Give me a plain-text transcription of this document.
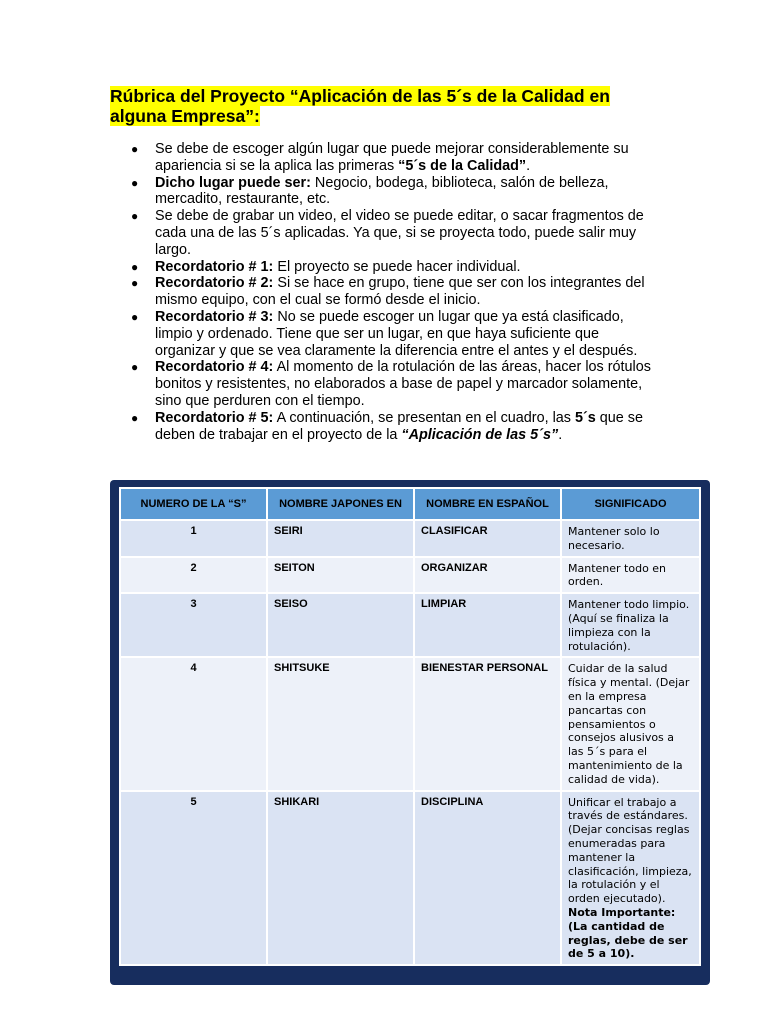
Rúbrica del Proyecto “Aplicación de las 5´s de la Calidad en
alguna Empresa”:
● Se debe de escoger algún lugar que puede mejorar considerablemente su apariencia si se la aplica las primeras “5´s de la Calidad”.
● Dicho lugar puede ser: Negocio, bodega, biblioteca, salón de belleza, mercadito, restaurante, etc.
● Se debe de grabar un video, el video se puede editar, o sacar fragmentos de cada una de las 5´s aplicadas. Ya que, si se proyecta todo, puede salir muy largo.
● Recordatorio # 1: El proyecto se puede hacer individual.
● Recordatorio # 2: Si se hace en grupo, tiene que ser con los integrantes del mismo equipo, con el cual se formó desde el inicio.
● Recordatorio # 3: No se puede escoger un lugar que ya está clasificado, limpio y ordenado. Tiene que ser un lugar, en que haya suficiente que organizar y que se vea claramente la diferencia entre el antes y el después.
● Recordatorio # 4: Al momento de la rotulación de las áreas, hacer los rótulos bonitos y resistentes, no elaborados a base de papel y marcador solamente, sino que perduren con el tiempo.
● Recordatorio # 5: A continuación, se presentan en el cuadro, las 5´s que se deben de trabajar en el proyecto de la “Aplicación de las 5´s”.
NUMERO DE LA “S”	NOMBRE JAPONES EN	NOMBRE EN ESPAÑOL	SIGNIFICADO
1	SEIRI	CLASIFICAR	Mantener solo lo necesario.
2	SEITON	ORGANIZAR	Mantener todo en orden.
3	SEISO	LIMPIAR	Mantener todo limpio. (Aquí se finaliza la limpieza con la rotulación).
4	SHITSUKE	BIENESTAR PERSONAL	Cuidar de la salud física y mental. (Dejar en la empresa pancartas con pensamientos o consejos alusivos a las 5´s para el mantenimiento de la calidad de vida).
5	SHIKARI	DISCIPLINA	Unificar el trabajo a través de estándares. (Dejar concisas reglas enumeradas para mantener la clasificación, limpieza, la rotulación y el orden ejecutado).
Nota Importante: (La cantidad de reglas, debe de ser de 5 a 10).
